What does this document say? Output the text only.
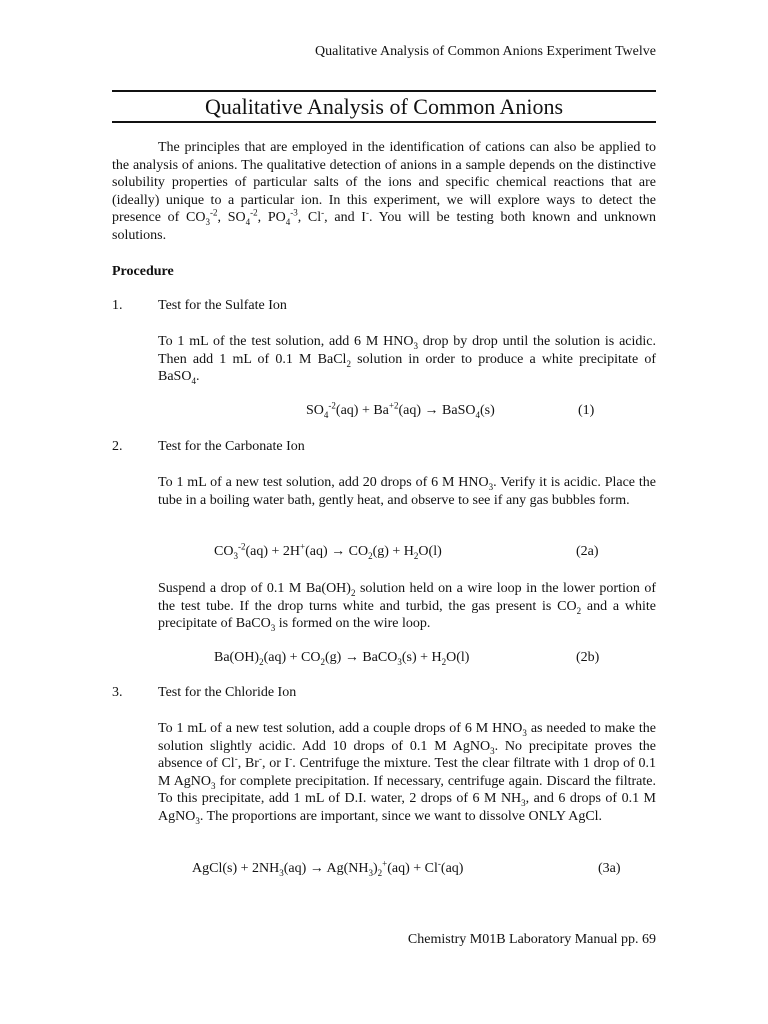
Qualitative Analysis of Common Anions Experiment Twelve
Qualitative Analysis of Common Anions
The principles that are employed in the identification of cations can also be applied to the analysis of anions. The qualitative detection of anions in a sample depends on the distinctive solubility properties of particular salts of the ions and specific chemical reactions that are (ideally) unique to a particular ion. In this experiment, we will explore ways to detect the presence of $CO_3^{-2}$, $SO_4^{-2}$, $PO_4^{-3}$, Cl-, and I-. You will be testing both known and unknown solutions.
Procedure
1.	Test for the Sulfate Ion
To 1 mL of the test solution, add 6 M $HNO_3$ drop by drop until the solution is acidic. Then add 1 mL of 0.1 M BaCl$_2$ solution in order to produce a white precipitate of BaSO$_4$.
$SO_4^{-2}(aq) + Ba^{+2}(aq)$ → BaSO$_4$(s)	(1)
2.	Test for the Carbonate Ion
To 1 mL of a new test solution, add 20 drops of 6 M $HNO_3$. Verify it is acidic. Place the tube in a boiling water bath, gently heat, and observe to see if any gas bubbles form.
$CO_3^{-2}(aq) + 2H^+(aq) \to CO_2(g) + H_2O(l)$	(2a)
Suspend a drop of 0.1 M $Ba(OH)_2$ solution held on a wire loop in the lower portion of the test tube. If the drop turns white and turbid, the gas present is $CO_2$ and a white precipitate of BaCO$_3$ is formed on the wire loop.
$Ba(OH)_2(aq) + CO_2(g)$ → BaCO$_3$(s) + $H_2O(l)$	(2b)
3.	Test for the Chloride Ion
To 1 mL of a new test solution, add a couple drops of 6 M $HNO_3$ as needed to make the solution slightly acidic. Add 10 drops of 0.1 M AgNO$_3$. No precipitate proves the absence of Cl-, Br-, or I-. Centrifuge the mixture. Test the clear filtrate with 1 drop of 0.1 M AgNO$_3$ for complete precipitation. If necessary, centrifuge again. Discard the filtrate. To this precipitate, add 1 mL of D.I. water, 2 drops of 6 M $NH_3$, and 6 drops of 0.1 M AgNO$_3$. The proportions are important, since we want to dissolve ONLY AgCl.
AgCl(s) + $2NH_3(aq) \to Ag(NH_3)_2^+(aq) + Cl^-(aq)$	(3a)
Chemistry M01B Laboratory Manual pp. 69
